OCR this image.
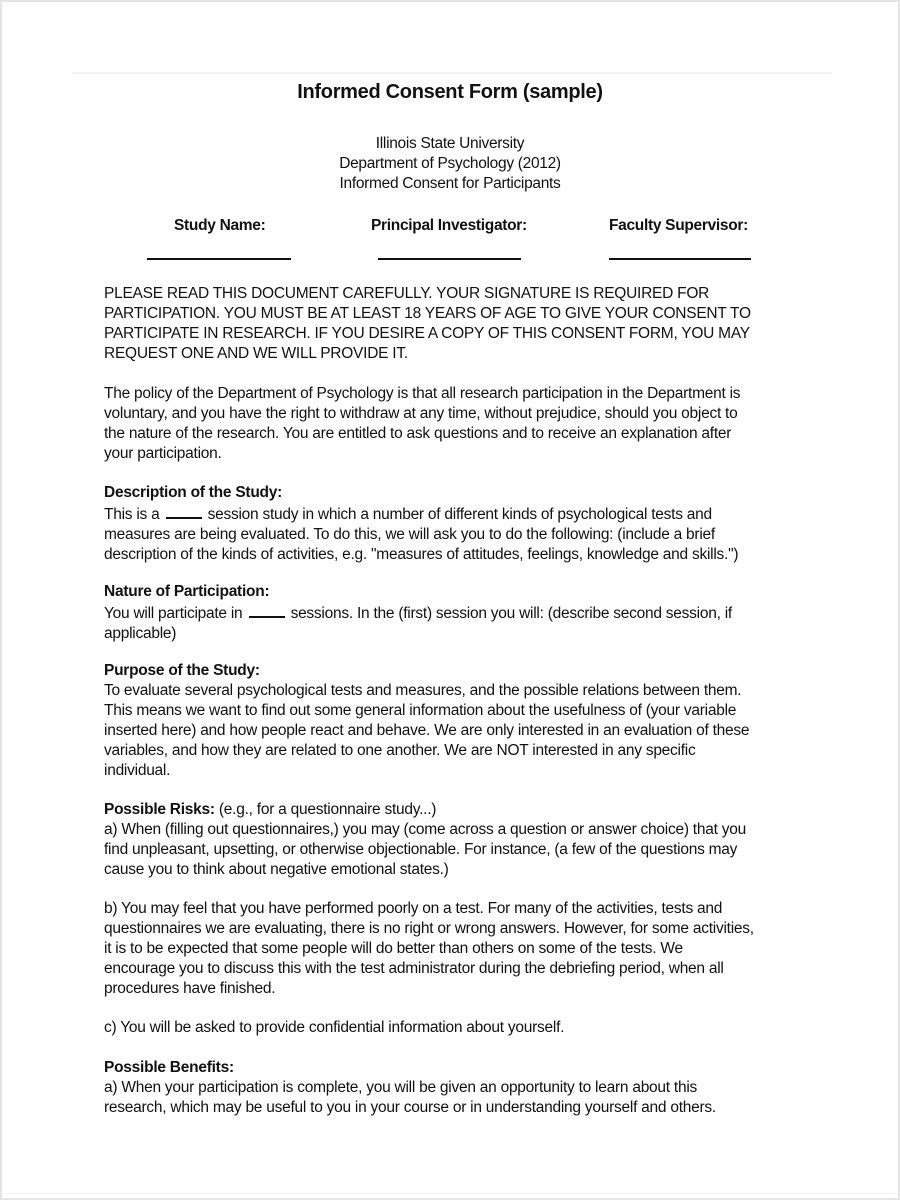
Informed Consent Form (sample)
Illinois State University
Department of Psychology (2012)
Informed Consent for Participants
Study Name:	Principal Investigator:	Faculty Supervisor:
PLEASE READ THIS DOCUMENT CAREFULLY. YOUR SIGNATURE IS REQUIRED FOR
PARTICIPATION. YOU MUST BE AT LEAST 18 YEARS OF AGE TO GIVE YOUR CONSENT TO
PARTICIPATE IN RESEARCH. IF YOU DESIRE A COPY OF THIS CONSENT FORM, YOU MAY
REQUEST ONE AND WE WILL PROVIDE IT.
The policy of the Department of Psychology is that all research participation in the Department is
voluntary, and you have the right to withdraw at any time, without prejudice, should you object to
the nature of the research. You are entitled to ask questions and to receive an explanation after
your participation.
Description of the Study:
This is a	session study in which a number of different kinds of psychological tests and
measures are being evaluated. To do this, we will ask you to do the following: (include a brief
description of the kinds of activities, e.g. "measures of attitudes, feelings, knowledge and skills.")
Nature of Participation:
You will participate in	sessions. In the (first) session you will: (describe second session, if
applicable)
Purpose of the Study:
To evaluate several psychological tests and measures, and the possible relations between them.
This means we want to find out some general information about the usefulness of (your variable
inserted here) and how people react and behave. We are only interested in an evaluation of these
variables, and how they are related to one another. We are NOT interested in any specific
individual.
Possible Risks: (e.g., for a questionnaire study...)
a) When (filling out questionnaires,) you may (come across a question or answer choice) that you
find unpleasant, upsetting, or otherwise objectionable. For instance, (a few of the questions may
cause you to think about negative emotional states.)
b) You may feel that you have performed poorly on a test. For many of the activities, tests and
questionnaires we are evaluating, there is no right or wrong answers. However, for some activities,
it is to be expected that some people will do better than others on some of the tests. We
encourage you to discuss this with the test administrator during the debriefing period, when all
procedures have finished.
c) You will be asked to provide confidential information about yourself.
Possible Benefits:
a) When your participation is complete, you will be given an opportunity to learn about this
research, which may be useful to you in your course or in understanding yourself and others.
